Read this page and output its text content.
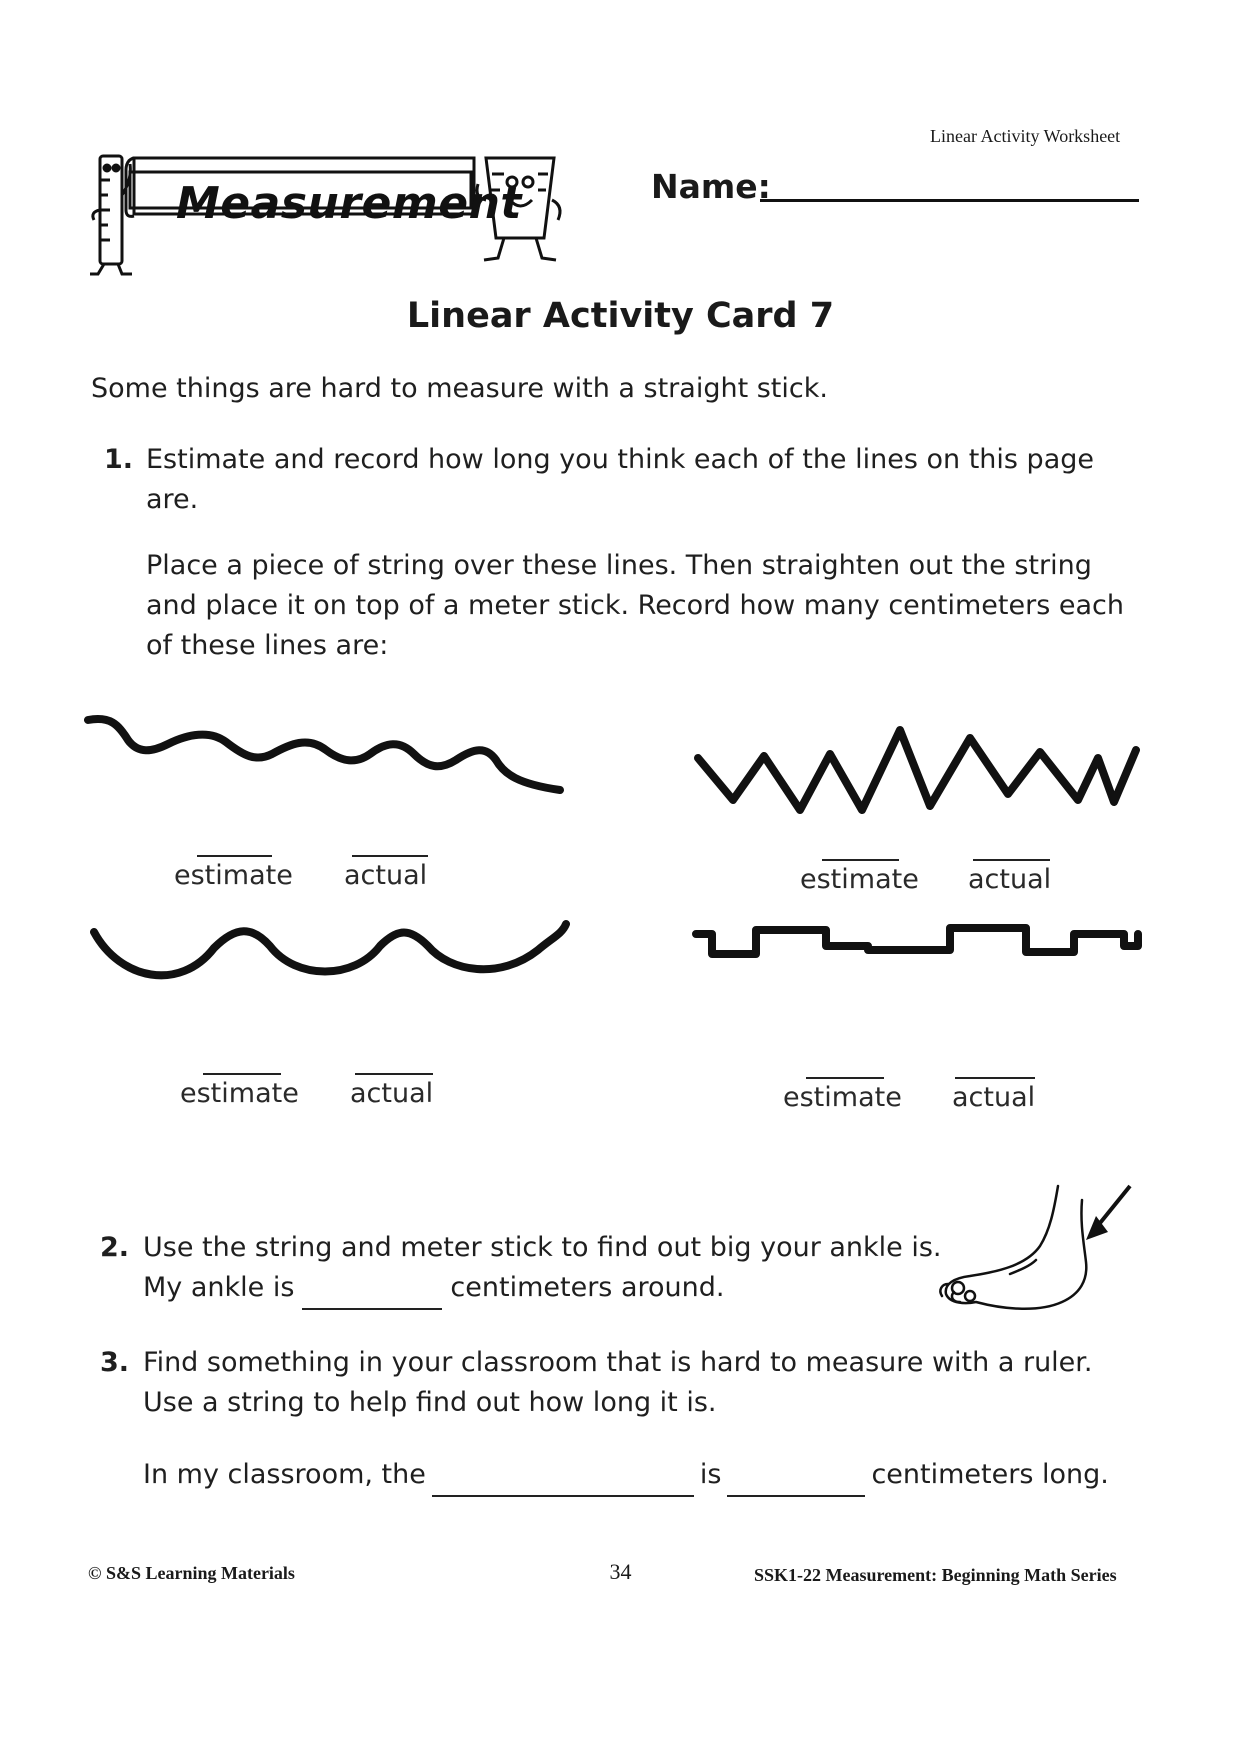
Linear Activity Worksheet
Measurement	Name:
Linear Activity Card 7
Some things are hard to measure with a straight stick.
1. Estimate and record how long you think each of the lines on this page are.
Place a piece of string over these lines. Then straighten out the string and place it on top of a meter stick. Record how many centimeters each of these lines are:
estimate actual	estimate actual
estimate actual	estimate actual
2. Use the string and meter stick to find out big your ankle is.
My ankle is	centimeters around.
3. Find something in your classroom that is hard to measure with a ruler.
Use a string to help find out how long it is.
In my classroom, the	is	centimeters long.
© S&S Learning Materials	34	SSK1-22 Measurement: Beginning Math Series
